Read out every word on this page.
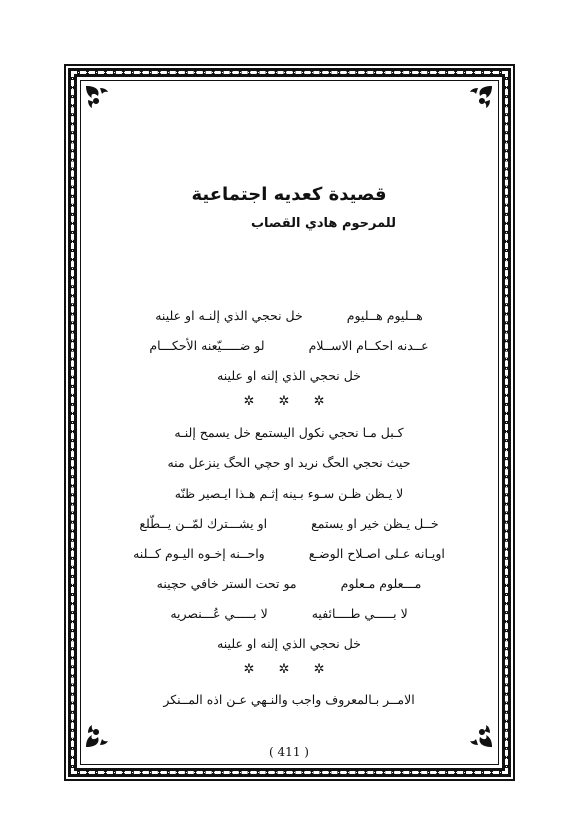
قصيدة كعديه اجتماعية
للمرحوم هادي القصاب
هــليوم هــليوم
خل نحجي الذي إلنـه او علينه
عــدنه احكــام الاســلام
لو ضـــــيّعنه الأحكـــام
خل نحجي الذي إلنه او علينه
✲ ✲ ✲
كـبل مـا نحجي نكول اليستمع خل يسمح إلنـه
حيث نحجي الحگ نريد او حچي الحگ ينزعل منه
لا يـظن ظـن سـوء بـينه إثـم هـذا ايـصير ظنّه
خــل يـظن خير او يستمع
او يشـــترك لمّــن يــطّلع
اويـانه عـلى اصـلاح الوضـع
واحــنه إخـوه اليـوم كــلنه
مـــعلوم مـعلوم
مو تحت الستر خافي حچينه
لا بـــــي طــــائفيه
لا بـــــي عُـــنصريه
خل نحجي الذي إلنه او علينه
✲ ✲ ✲
الامــر بـالمعروف واجب والنـهي عـن اذه المــنكر
( 411 )
